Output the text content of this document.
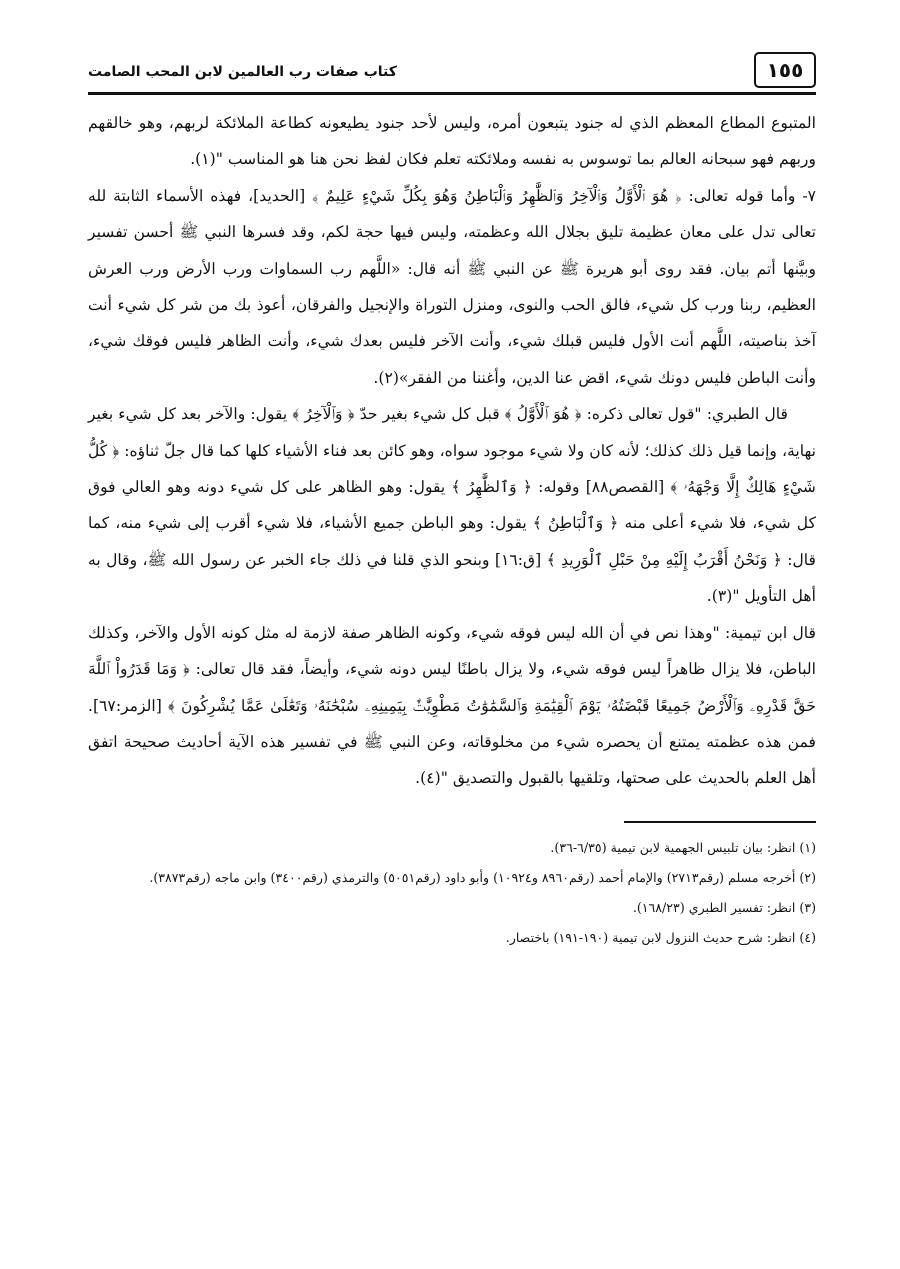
١٥٥
كتاب صفات رب العالمين لابن المحب الصامت

المتبوع المطاع المعظم الذي له جنود يتبعون أمره، وليس لأحد جنود يطيعونه كطاعة الملائكة لربهم، وهو خالقهم وربهم فهو سبحانه العالم بما توسوس به نفسه وملائكته تعلم فكان لفظ نحن هنا هو المناسب "(١).

٧- وأما قوله تعالى: ﴿ هُوَ ٱلْأَوَّلُ وَٱلْآخِرُ وَٱلظَّٰهِرُ وَٱلْبَاطِنُ وَهُوَ بِكُلِّ شَيْءٍ عَلِيمٌ ﴾ [الحديد]، فهذه الأسماء الثابتة لله تعالى تدل على معان عظيمة تليق بجلال الله وعظمته، وليس فيها حجة لكم، وقد فسرها النبي ﷺ أحسن تفسير وبيَّنها أتم بيان. فقد روى أبو هريرة ﷺ عن النبي ﷺ أنه قال: «اللَّهم رب السماوات ورب الأرض ورب العرش العظيم، ربنا ورب كل شيء، فالق الحب والنوى، ومنزل التوراة والإنجيل والفرقان، أعوذ بك من شر كل شيء أنت آخذ بناصيته، اللَّهم أنت الأول فليس قبلك شيء، وأنت الآخر فليس بعدك شيء، وأنت الظاهر فليس فوقك شيء، وأنت الباطن فليس دونك شيء، اقض عنا الدين، وأغننا من الفقر»(٢).

قال الطبري: "قول تعالى ذكره: ﴿ هُوَ ٱلْأَوَّلُ ﴾ قبل كل شيء بغير حدّ ﴿ وَٱلْآخِرُ ﴾ يقول: والآخر بعد كل شيء بغير نهاية، وإنما قيل ذلك كذلك؛ لأنه كان ولا شيء موجود سواه، وهو كائن بعد فناء الأشياء كلها كما قال جلّ ثناؤه: ﴿ كُلُّ شَيْءٍ هَالِكٌ إِلَّا وَجْهَهُۥ ﴾ [القصص٨٨] وقوله: ﴿ وَٱلظَّٰهِرُ ﴾ يقول: وهو الظاهر على كل شيء دونه وهو العالي فوق كل شيء، فلا شيء أعلى منه ﴿ وَٱلْبَاطِنُ ﴾ يقول: وهو الباطن جميع الأشياء، فلا شيء أقرب إلى شيء منه، كما قال: ﴿ وَنَحْنُ أَقْرَبُ إِلَيْهِ مِنْ حَبْلِ ٱلْوَرِيدِ ﴾ [ق:١٦] وبنحو الذي قلنا في ذلك جاء الخبر عن رسول الله ﷺ، وقال به أهل التأويل "(٣).

قال ابن تيمية: "وهذا نص في أن الله ليس فوقه شيء، وكونه الظاهر صفة لازمة له مثل كونه الأول والآخر، وكذلك الباطن، فلا يزال ظاهراً ليس فوقه شيء، ولا يزال باطنًا ليس دونه شيء، وأيضاً، فقد قال تعالى: ﴿ وَمَا قَدَرُواْ ٱللَّهَ حَقَّ قَدْرِهِۦ وَٱلْأَرْضُ جَمِيعًا قَبْضَتُهُۥ يَوْمَ ٱلْقِيَٰمَةِ وَٱلسَّمَٰوَٰتُ مَطْوِيَّٰتٌۢ بِيَمِينِهِۦ سُبْحَٰنَهُۥ وَتَعَٰلَىٰ عَمَّا يُشْرِكُونَ ﴾ [الزمر:٦٧]. فمن هذه عظمته يمتنع أن يحصره شيء من مخلوقاته، وعن النبي ﷺ في تفسير هذه الآية أحاديث صحيحة اتفق أهل العلم بالحديث على صحتها، وتلقيها بالقبول والتصديق "(٤).

(١) انظر: بيان تلبيس الجهمية لابن تيمية (٦/٣٥-٣٦).

(٢) أخرجه مسلم (رقم٢٧١٣) والإمام أحمد (رقم٨٩٦٠ و١٠٩٢٤) وأبو داود (رقم٥٠٥١) والترمذي (رقم٣٤٠٠) وابن ماجه (رقم٣٨٧٣).

(٣) انظر: تفسير الطبري (١٦٨/٢٣).

(٤) انظر: شرح حديث النزول لابن تيمية (١٩٠-١٩١) باختصار.
